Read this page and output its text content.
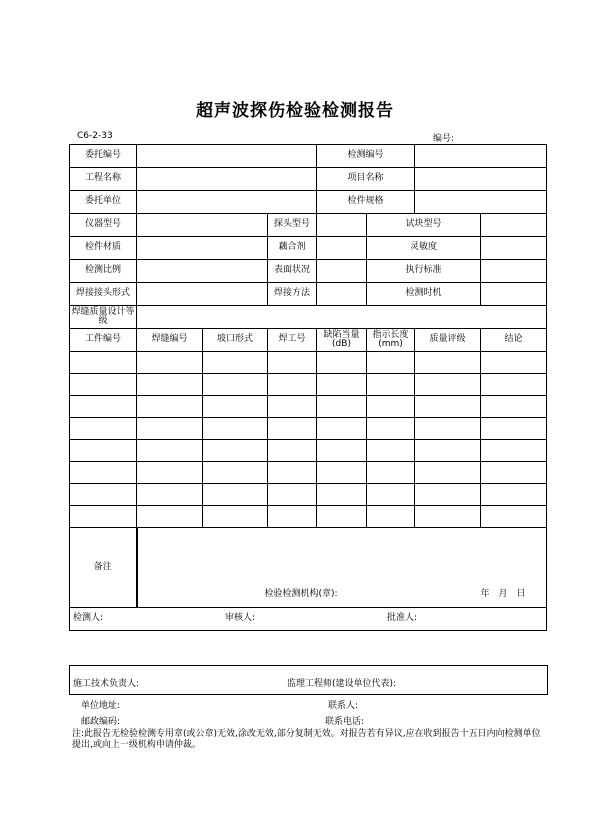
超声波探伤检验检测报告
C6-2-33	编号:
委托编号				检测编号			
工程名称				项目名称			
委托单位				检件规格			
仪器型号			探头型号		试块型号		
检件材质			藕合剂		灵敏度		
检测比例			表面状况		执行标准		
焊接接头形式			焊接方法		检测时机		
焊缝质量设计等级							
工件编号	焊缝编号	坡口形式	焊工号	缺陷当量(dB)	指示长度(mm)	质量评级	结论

备注	检验检测机构(章): 年　月　日						

检测人: 审核人: 批准人:							
施工技术负责人:	监理工程师(建设单位代表):
单位地址:	联系人:
邮政编码:	联系电话:
注:此报告无检验检测专用章(或公章)无效,涂改无效,部分复制无效。对报告若有异议,应在收到报告十五日内向检测单位提出,或向上一级机构申请仲裁。
